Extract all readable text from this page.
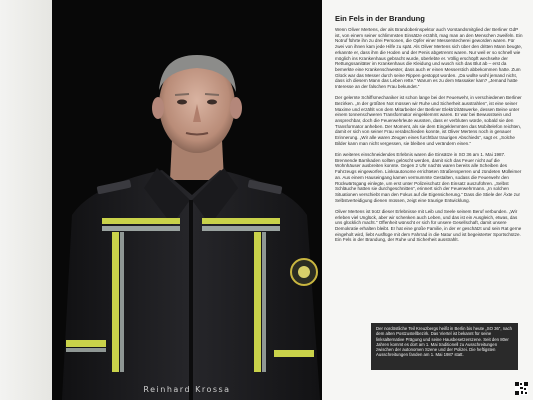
Reinhard Krossa
Ein Fels in der Brandung

Wenn Oliver Mertens, der als Brandoberinspektor auch Vorstandsmitglied der Berliner GdP ist, von einem seiner schlimmsten Einsätze erzählt, mag man an den Menschen zweifeln. Ein Notruf führte ihn zu drei Personen, die Opfer einer Messerstecherei geworden waren. Für zwei von ihnen kam jede Hilfe zu spät. Als Oliver Mertens sich über den dritten Mann beugte, erkannte er, dass ihm die Hoden und der Penis abgetrennt waren. Nur weil er so schnell wie möglich ins Krankenhaus gebracht wurde, überlebte er. Völlig erschöpft wechselte der Rettungssanitäter im Krankenhaus die Kleidung und wusch sich das Blut ab – erst da bemerkte eine Krankenschwester, dass auch er einen Messerstich abbekommen hatte. Zum Glück war das Messer durch seine Rippen gestoppt worden. „Da wollte wohl jemand nicht, dass ich diesem Mann das Leben rette.“ Warum es zu dem Massaker kam? „Jemand hatte Interesse an der falschen Frau bekundet.“

Der gelernte Schiffsmechaniker ist schon lange bei der Feuerwehr, in verschiedenen Berliner Bezirken. „In der größten Not müssen wir Ruhe und Sicherheit ausstrahlen“, ist eine seiner Maxime und erzählt von dem Mitarbeiter der Berliner Elektrizitätswerke, dessen Beine unter einem tonnenschweren Transformator eingeklemmt waren. Er war bei Bewusstsein und ansprechbar, doch die Feuerwehrleute wussten, dass er verbluten würde, sobald sie den Transformator anheben. Der Moment, als sie dem Eingeklemmten das Mobiltelefon reichten, damit er sich von seiner Frau verabschieden konnte, ist Oliver Mertens noch in genauer Erinnerung. „Wir alle waren Zeugen eines furchtbar traurigen Abschieds“, sagt er. „Solche Bilder kann man nicht vergessen, sie bleiben und verändern einen.“

Ein weiteres einschneidendes Erlebnis waren die Einsätze in SO 36 am 1. Mai 1987. Brennende Barrikaden sollten gelöscht werden, damit sich das Feuer nicht auf die Wohnhäuser ausbreiten konnte. Gegen 2 Uhr nachts waren bereits alle Scheiben des Fahrzeugs eingeworfen. Linksautonome errichteten Straßensperren und zündeten Mülleimer an. Aus einem Hauseingang kamen vermummte Gestalten, sodass die Feuerwehr den Rückwärtsgang einlegte, um erst unter Polizeischutz den Einsatz auszuführen. „Selbst Schläuche hatten sie durchgeschnitten“, erinnert sich der Feuerwehrmann. „In solchen Situationen verschiebt man den Fokus auf die Eigensicherung.“ Dass die Stiele der Äxte zur Selbstverteidigung dienen müssen, zeigt eine traurige Entwicklung.

Oliver Mertens ist trotz dieser Erlebnisse mit Leib und Seele seinem Beruf verbunden. „Wir erleben viel Unglück, aber wir schenken auch Leben, und das ist ein Ausgleich, etwas, das uns glücklich macht.“ Offenheit wünscht er sich für unsere Gesellschaft, damit unsere Demokratie erhalten bleibt. Er hat eine große Familie, in der er geschätzt und sein Rat gerne eingeholt wird, liebt Ausflüge mit dem Fahrrad in die Natur und ist begeisterter Sportschütze. Ein Fels in der Brandung, der Ruhe und Sicherheit ausstrahlt.

Der nordöstliche Teil Kreuzbergs heißt in Berlin bis heute „SO 36“, nach dem alten Postzustellbezirk. Das Viertel ist bekannt für seine linksalternative Prägung und seine Hausbesetzerszene. Seit den 80er Jahren kommt es dort am 1. Mai traditionell zu Ausschreitungen zwischen der autonomen Szene und der Polizei. Die heftigsten Ausschreitungen fanden am 1. Mai 1987 statt.
